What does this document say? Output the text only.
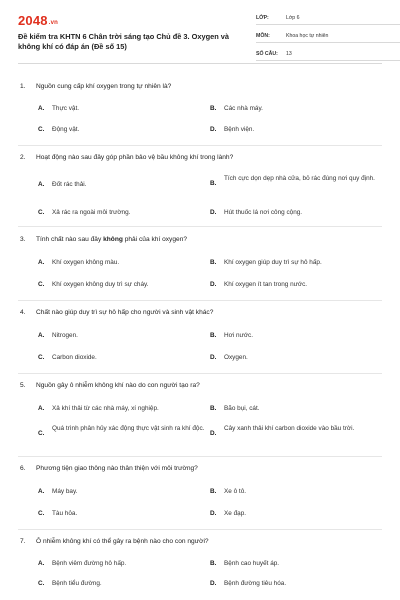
2048.vn
Đề kiểm tra KHTN 6 Chân trời sáng tạo Chủ đề 3. Oxygen và không khí có đáp án (Đề số 15)
LỚP:	Lớp 6
MÔN:	Khoa học tự nhiên
SỐ CÂU:	13
1.	Nguồn cung cấp khí oxygen trong tự nhiên là?
A.	Thực vật.	B.	Các nhà máy.
C.	Động vật.	D.	Bệnh viện.
2.	Hoạt động nào sau đây góp phần bảo vệ bầu không khí trong lành?
A.	Đốt rác thải.	B.
Tích cực dọn dẹp nhà cửa, bỏ rác đúng nơi quy định.
C.	Xả rác ra ngoài môi trường.	D.	Hút thuốc lá nơi công cộng.
3.	Tính chất nào sau đây không phải của khí oxygen?
A.	Khí oxygen không màu.	B.	Khí oxygen giúp duy trì sự hô hấp.
C.	Khí oxygen không duy trì sự cháy.	D.	Khí oxygen ít tan trong nước.
4.	Chất nào giúp duy trì sự hô hấp cho người và sinh vật khác?
A.	Nitrogen.	B.	Hơi nước.
C.	Carbon dioxide.	D.	Oxygen.
5.	Nguồn gây ô nhiễm không khí nào do con người tạo ra?
A.	Xả khí thải từ các nhà máy, xí nghiệp.	B.	Bão bụi, cát.
C.
Quá trình phân hủy xác động thực vật sinh ra khí độc.
D.
Cây xanh thải khí carbon dioxide vào bầu trời.
6.	Phương tiện giao thông nào thân thiện với môi trường?
A.	Máy bay.	B.	Xe ô tô.
C.	Tàu hỏa.	D.	Xe đạp.
7.	Ô nhiễm không khí có thể gây ra bệnh nào cho con người?
A.	Bệnh viêm đường hô hấp.	B.	Bệnh cao huyết áp.
C.	Bệnh tiểu đường.	D.	Bệnh đường tiêu hóa.
